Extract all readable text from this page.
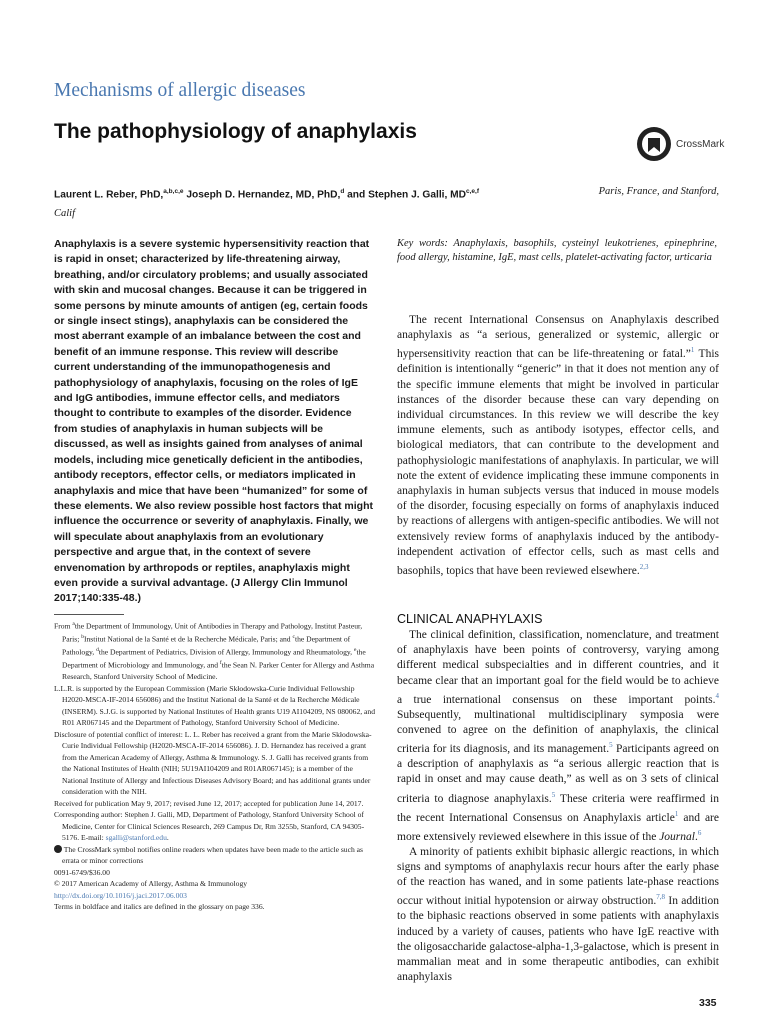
Mechanisms of allergic diseases
The pathophysiology of anaphylaxis
CrossMark
Paris, France, and Stanford,
Laurent L. Reber, PhD,$^{a,b,c,e}$ Joseph D. Hernandez, MD, PhD,$^d$ and Stephen J. Galli, MD$^{c,e,f}$
Calif
Anaphylaxis is a severe systemic hypersensitivity reaction that is rapid in onset; characterized by life-threatening airway, breathing, and/or circulatory problems; and usually associated with skin and mucosal changes. Because it can be triggered in some persons by minute amounts of antigen (eg, certain foods or single insect stings), anaphylaxis can be considered the most aberrant example of an imbalance between the cost and benefit of an immune response. This review will describe current understanding of the immunopathogenesis and pathophysiology of anaphylaxis, focusing on the roles of IgE and IgG antibodies, immune effector cells, and mediators thought to contribute to examples of the disorder. Evidence from studies of anaphylaxis in human subjects will be discussed, as well as insights gained from analyses of animal models, including mice genetically deficient in the antibodies, antibody receptors, effector cells, or mediators implicated in anaphylaxis and mice that have been “humanized” for some of these elements. We also review possible host factors that might influence the occurrence or severity of anaphylaxis. Finally, we will speculate about anaphylaxis from an evolutionary perspective and argue that, in the context of severe envenomation by arthropods or reptiles, anaphylaxis might even provide a survival advantage. (J Allergy Clin Immunol 2017;140:335-48.)

From $^a$the Department of Immunology, Unit of Antibodies in Therapy and Pathology, Institut Pasteur, Paris; $^b$Institut National de la Santé et de la Recherche Médicale, Paris; and $^c$the Department of Pathology, $^d$the Department of Pediatrics, Division of Allergy, Immunology and Rheumatology, $^e$the Department of Microbiology and Immunology, and $^f$the Sean N. Parker Center for Allergy and Asthma Research, Stanford University School of Medicine.

L.L.R. is supported by the European Commission (Marie Skłodowska-Curie Individual Fellowship H2020-MSCA-IF-2014 656086) and the Institut National de la Santé et de la Recherche Médicale (INSERM). S.J.G. is supported by National Institutes of Health grants U19 AI104209, NS 080062, and R01 AR067145 and the Department of Pathology, Stanford University School of Medicine.

Disclosure of potential conflict of interest: L. L. Reber has received a grant from the Marie Skłodowska-Curie Individual Fellowship (H2020-MSCA-IF-2014 656086). J. D. Hernandez has received a grant from the American Academy of Allergy, Asthma & Immunology. S. J. Galli has received grants from the National Institutes of Health (NIH; 5U19AI104209 and R01AR067145); is a member of the National Institute of Allergy and Infectious Diseases Advisory Board; and has additional grants under consideration with the NIH.

Received for publication May 9, 2017; revised June 12, 2017; accepted for publication June 14, 2017.

Corresponding author: Stephen J. Galli, MD, Department of Pathology, Stanford University School of Medicine, Center for Clinical Sciences Research, 269 Campus Dr, Rm 3255b, Stanford, CA 94305-5176. E-mail: sgalli@stanford.edu.

The CrossMark symbol notifies online readers when updates have been made to the article such as errata or minor corrections

0091-6749/$36.00

© 2017 American Academy of Allergy, Asthma & Immunology

http://dx.doi.org/10.1016/j.jaci.2017.06.003

Terms in boldface and italics are defined in the glossary on page 336.

Key words: Anaphylaxis, basophils, cysteinyl leukotrienes, epinephrine, food allergy, histamine, IgE, mast cells, platelet-activating factor, urticaria

The recent International Consensus on Anaphylaxis described anaphylaxis as “a serious, generalized or systemic, allergic or hypersensitivity reaction that can be life-threatening or fatal.”$^1$ This definition is intentionally “generic” in that it does not mention any of the specific immune elements that might be involved in particular instances of the disorder because these can vary depending on individual circumstances. In this review we will describe the key immune elements, such as antibody isotypes, effector cells, and biological mediators, that can contribute to the development and pathophysiologic manifestations of anaphylaxis. In particular, we will note the extent of evidence implicating these immune components in anaphylaxis in human subjects versus that induced in mouse models of the disorder, focusing especially on forms of anaphylaxis induced by reactions of allergens with antigen-specific antibodies. We will not extensively review forms of anaphylaxis induced by the antibody-independent activation of effector cells, such as mast cells and basophils, topics that have been reviewed elsewhere.$^{2,3}$

CLINICAL ANAPHYLAXIS

The clinical definition, classification, nomenclature, and treatment of anaphylaxis have been points of controversy, varying among different medical subspecialties and in different countries, and it became clear that an important goal for the field would be to achieve a true international consensus on these important points.$^4$ Subsequently, multinational multidisciplinary symposia were convened to agree on the definition of anaphylaxis, the clinical criteria for its diagnosis, and its management.$^5$ Participants agreed on a description of anaphylaxis as “a serious allergic reaction that is rapid in onset and may cause death,” as well as on 3 sets of clinical criteria to diagnose anaphylaxis.$^5$ These criteria were reaffirmed in the recent International Consensus on Anaphylaxis article$^1$ and are more extensively reviewed elsewhere in this issue of the Journal.$^6$

A minority of patients exhibit biphasic allergic reactions, in which signs and symptoms of anaphylaxis recur hours after the early phase of the reaction has waned, and in some patients late-phase reactions occur without initial hypotension or airway obstruction.$^{7,8}$ In addition to the biphasic reactions observed in some patients with anaphylaxis induced by a variety of causes, patients who have IgE reactive with the oligosaccharide galactose-alpha-1,3-galactose, which is present in mammalian meat and in some therapeutic antibodies, can exhibit anaphylaxis

335
